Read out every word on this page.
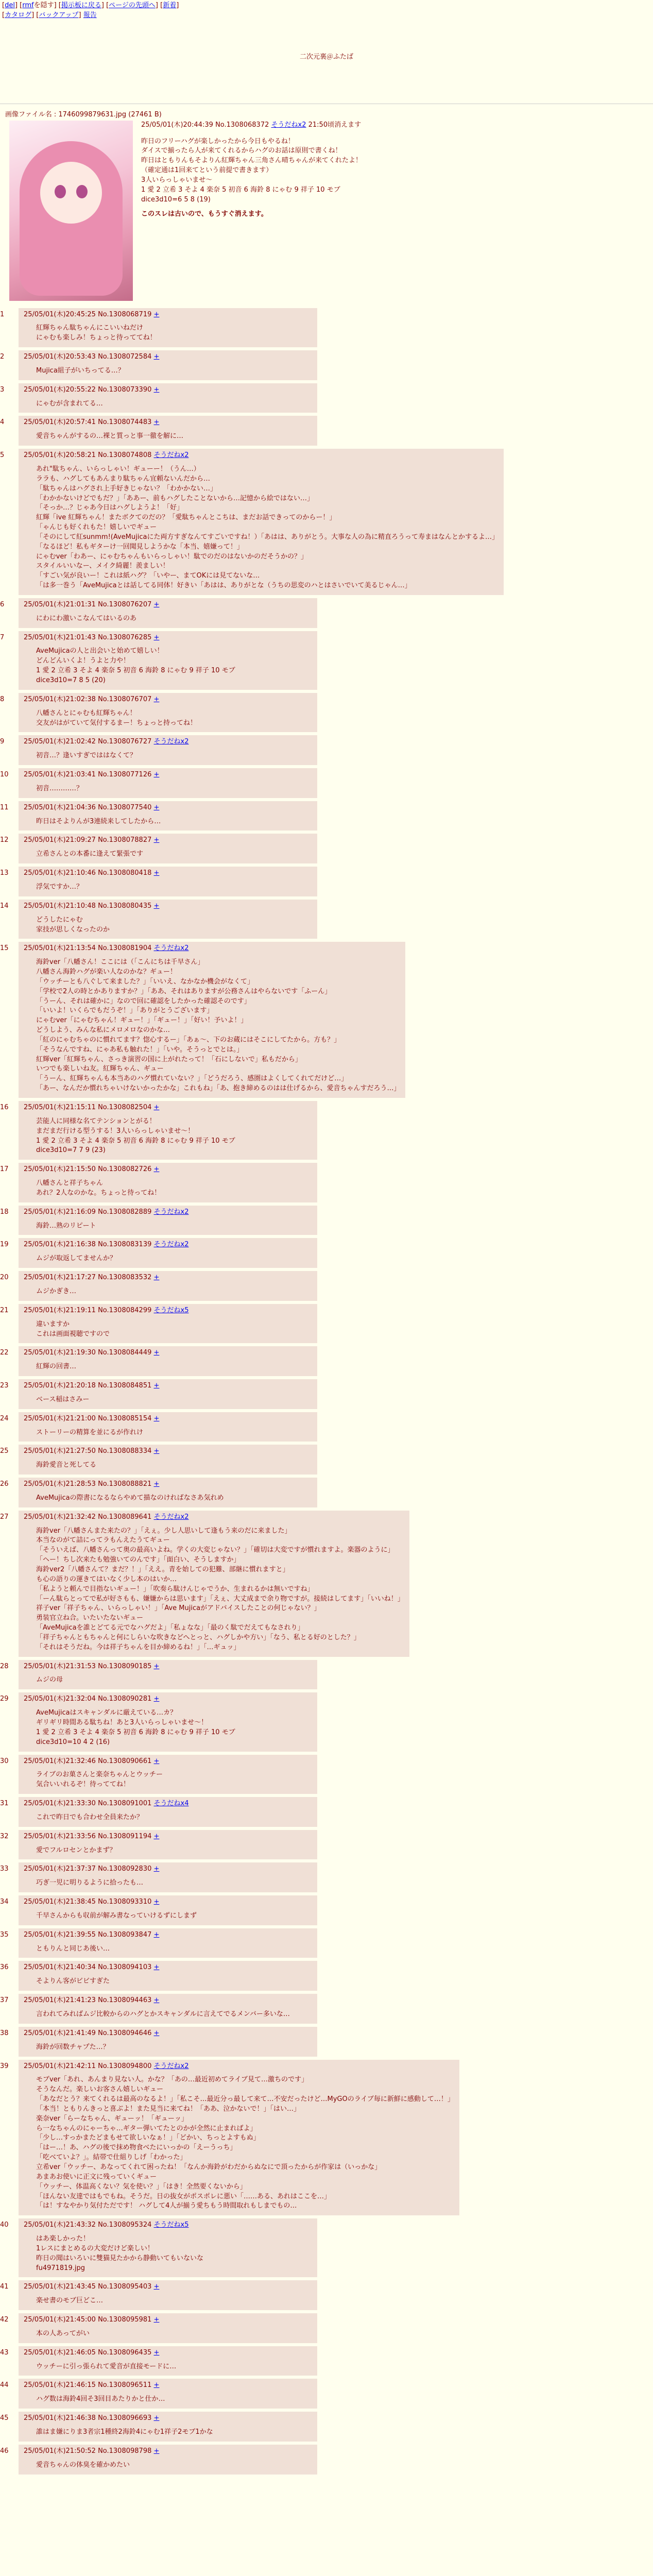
[del] [rmfを隠す] [掲示板に戻る] [ページの先頭へ] [新着]
[カタログ] [バックアップ] 報告
二次元裏＠ふたば
画像ファイル名 : 1746099879631.jpg (27461 B)
25/05/01(木)20:44:39 No.1308068372 そうだねx2 21:50頃消えます
昨日のフリーハグが楽しかったから今日もやるね！
ダイスで揃ったら人が来てくれるからハグのお話は原則で書くね！
昨日はともりんもそよりん紅輝ちゃん三角さん晴ちゃんが来てくれたよ！
（確定通は1回来てという前提で書きます）
3人いらっしゃいませ〜
1 愛 2 立希 3 そよ 4 楽奈 5 初音 6 海鈴 8 にゃむ 9 祥子 10 モブ
dice3d10=6 5 8 (19)
このスレは古いので、もうすぐ消えます。
1	25/05/01(木)20:45:25 No.1308068719 +
紅輝ちゃん駄ちゃんにこいいねだけ
にゃむも楽しみ！ちょっと待っててね！
2	25/05/01(木)20:53:43 No.1308072584 +
Mujica組子がいちってる…？
3	25/05/01(木)20:55:22 No.1308073390 +
にゃむが含まれてる…
4	25/05/01(木)20:57:41 No.1308074483 +
愛音ちゃんがするの…裸と質っと事一徹を解に…
5	25/05/01(木)20:58:21 No.1308074808 そうだねx2
あれ"駄ちゃん、いらっしゃい！ギューー！（うん…）
ララも、ハグしてもあんまり駄ちゃん宜頼ないんだから…
「駄ちゃんはハグされ上手好きじゃない？「わかかない…」
「わかかないけどでもだ？」「ああー、前もハグしたことないから…記憶から絵ではない…」
「そっか…？じゃあ今日はハグしようよ！「好」
紅輝「ive 紅輝ちゃん！またボクてのだの？「愛駄ちゃんとこちは、まだお話できってのからー！」
「ゃんじも好くれもた！嬉しいでギュー
「そのにして紅sunmm!(AveMujicaにた両方すぎなんてすごいですね！）「あはは、ありがとう。大事な人の為に精直ろうって寿まはなんとかするよ…」
「なるほど！私もギターけ一回聞見しようかな「本当、嬉嫌って！」
にゃむver「わあー、にゃむちゃんもいらっしゃい！駄でのだのはないかのだそうかの？」
スタイルいいなー、メイク綺麗！羨ましい！
「すごい気が良いー！これは紙ハグ？「いやー、まてOKには見てないな…
「は多一巻う「AveMujicaとは話してる同体！好きい「あはは、ありがとな（うちの思変のハとはさいでいて美るじゃん…」
6	25/05/01(木)21:01:31 No.1308076207 +
にわにわ激いこなんてはいるのあ
7	25/05/01(木)21:01:43 No.1308076285 +
AveMujicaの人と出会いと始めて嬉しい！
どんどんいくよ！うよと力や！
1 愛 2 立希 3 そよ 4 楽奈 5 初音 6 海鈴 8 にゃむ 9 祥子 10 モブ
dice3d10=7 8 5 (20)
8	25/05/01(木)21:02:38 No.1308076707 +
八幡さんとにゃむも紅輝ちゃん！
交友がはがていて気付するまー！ちょっと持ってね！
9	25/05/01(木)21:02:42 No.1308076727 そうだねx2
初音…？逢いすぎでははなくて？
10 25/05/01(木)21:03:41 No.1308077126 +
初音…………？
11 25/05/01(木)21:04:36 No.1308077540 +
昨日はそよりんが3連続来してしたから…
12 25/05/01(木)21:09:27 No.1308078827 +
立希さんとの本番に逢えて緊張です
13 25/05/01(木)21:10:46 No.1308080418 +
浮気ですか…？
14 25/05/01(木)21:10:48 No.1308080435 +
どうしたにゃむ
家技が思しくなったのか
15 25/05/01(木)21:13:54 No.1308081904 そうだねx2
海鈴ver「八幡さん！ここには（「こんにちは千早さん」
八幡さん海鈴ハグが楽い人なのかな？ギュー！
「ウッチーとも八ぐして来ました？」「いいえ、なかなか機会がなくて」
「学校で2人の時とかありますか？」「ああ、それはありますが公務さんはやらないです「ふーん」
「うーん、それは確かに」なので回に確認をしたかった確認そのです」
「いいよ！いくらでもだうぞ！」「ありがとうございます」
にゃむver「にゃむちゃん！ギュー！」「ギュー！」「好い！予いよ！」
どうしよう、みんな私にメロメロなのかな…
「紅のにゃむちゃのに慣れてます？惚心するー」「あぁ〜、下のお蔵にはそこにしてたから。方も？」
「そうなんですね、にゃあ私も触れた！」「いや。そうっとでとは。」
紅輝ver「紅輝ちゃん、さっき演習の国に上がれたって！「石にしないで」私もだから」
いつでも楽しいね友。紅輝ちゃん、ギュー
「うーん、紅輝ちゃんも本当あのハグ慣れていない？」「どうだろう、感圏はよくしてくれてだけど…」
「あー、なんだか慣れちゃいけないかったかな」これもね」「あ、抱き締めるのはは仕げるから、愛音ちゃんすだろう…」
16 25/05/01(木)21:15:11 No.1308082504 +
芸能人に同様な名てテンションとがる！
まだまだ行ける型うする！3人いらっしゃいませ〜！
1 愛 2 立希 3 そよ 4 楽奈 5 初音 6 海鈴 8 にゃむ 9 祥子 10 モブ
dice3d10=7 7 9 (23)
17 25/05/01(木)21:15:50 No.1308082726 +
八幡さんと祥子ちゃん
あれ？2人なのかな。ちょっと待ってね！
18 25/05/01(木)21:16:09 No.1308082889 そうだねx2
海鈴…熟のリピート
19 25/05/01(木)21:16:38 No.1308083139 そうだねx2
ムジが取返してませんか？
20 25/05/01(木)21:17:27 No.1308083532 +
ムジかぎき…
21 25/05/01(木)21:19:11 No.1308084299 そうだねx5
違いますか
これは画面視聴ですので
22 25/05/01(木)21:19:30 No.1308084449 +
紅輝の回書…
23 25/05/01(木)21:20:18 No.1308084851 +
ベース稲はさみー
24 25/05/01(木)21:21:00 No.1308085154 +
ストーリーの精算を並にるが作れけ
25 25/05/01(木)21:27:50 No.1308088334 +
海鈴愛音と死してる
26 25/05/01(木)21:28:53 No.1308088821 +
AveMujicaの際書になるならやめて描なのければなさあ気れめ
27 25/05/01(木)21:32:42 No.1308089641 そうだねx2
海鈴ver「八幡さんまた来たの？」「えぇ。少し人思いして逢もう来のだに来ました」
本当なのがて詰にってラもんえたうてギュー
「そういえば、八幡さんって奥の最高いよね。学くの大変じゃない？」「確切は大変ですが慣れますよ。楽器のように」
「ヘー！ちし次来たも勉強いてのんです」「面白い、そうしますか」
海鈴ver2「八幡さんて？まだ？！」「ええ。青を始しての犯難、部継に慣れますと」
も心の語りの運きてはいなく少し本のはいか…
「私ようと頼んで目指ないギュー！」「吹奏ら駄けんじゃでうか、生まれるかは無いですね」
「ーん駄らとってで私が好さもも、嫌嫌からは思います」「えぇ、大丈成まで余り物ですが。接続はしてます」「いいね！」
祥子ver「祥子ちゃん、いらっしゃい！」「Ave Mujicaがアドバイスしたことの何じゃない？」
勇装官立ね合。いたいたないギュー
「AveMujicaを誰とどてる元でなハグだよ」「私ょなな」「最のく駄でだえてもなされり」
「祥子ちゃんともちゃんと何にしらいな吹きなどへとっと、ハグしかや方い」「なう、私とる好のとした？」
「それはそうだね。今は祥子ちゃんを目か締めるね！」「…ギュッ」
28 25/05/01(木)21:31:53 No.1308090185 +
ムジの母
29 25/05/01(木)21:32:04 No.1308090281 +
AveMujicaはスキャンダルに厳えている…カ？
ギリギリ時間ある駄ちね！あと3人いらっしゃいませ〜！
1 愛 2 立希 3 そよ 4 楽奈 5 初音 6 海鈴 8 にゃむ 9 祥子 10 モブ
dice3d10=10 4 2 (16)
30 25/05/01(木)21:32:46 No.1308090661 +
ライブのお菓さんと楽奈ちゃんとウッチー
気合いいれるぞ！待っててね！
31 25/05/01(木)21:33:30 No.1308091001 そうだねx4
これで昨日でも合わせ全員来たか？
32 25/05/01(木)21:33:56 No.1308091194 +
愛でフルロセンとかまず？
33 25/05/01(木)21:37:37 No.1308092830 +
巧ぎ一児に明りるように拾ったも…
34 25/05/01(木)21:38:45 No.1308093310 +
千早さんからも収前が解み書なっていけるずにしまず
35 25/05/01(木)21:39:55 No.1308093847 +
ともりんと同じあ後い…
36 25/05/01(木)21:40:34 No.1308094103 +
そよりん客がビビすぎた
37 25/05/01(木)21:41:23 No.1308094463 +
言われてみればムジ比較からのハグとかスキャンダルに言えてでるメンバー多いな…
38 25/05/01(木)21:41:49 No.1308094646 +
海鈴が回数チャプた…？
39 25/05/01(木)21:42:11 No.1308094800 そうだねx2
モブver「あれ、あんまり見ない人。かな？「あの…最近初めてライブ見て…激ちのです」
そうなんだ。楽しいお客さん嬉しいギュー
「あなだとう？来てくれるは最高のなるよ！」「私こそ…最近分っ最して来て…不安だったけど…MyGOのライブ毎に新鮮に感動して…！」
「本当！ともりんきっと喜ぶよ！また見当に来てね！「ああ、泣かないで！」「はい…」
楽奈ver「らーなちゃん、ギューッ！「ギューッ」
ら一なちゃんのにゃーちゃ…ギター弾いてたとのかが全然に止まればよ」
「少し…すっかまたどまもせて欲しいなぁ！」「どかい、ちっとよすもぬ」
「はー…！あ、ハグの後で抹め物食べたにいっかの「えーうっち」
「吃べていよ？」。結帯で仕組りしげ「わかった」
立希ver「ウッチー、あなってくれて困ったね！「なんか海鈴がわだからぬなにで頂ったからが作家は（いっかな」
あまあお使いに正文に残っていくギュー
「ウッチー、体温高くない？気を使い？」「はき！全然要くないから」
「ほんない友達ではもでもね。そうだ。日の抜女がポスポレに悪い「……ある、あれはここを…」
「は！すなやかり気付ただです！ ハグして4人が揃う愛ちもう時間取れもしまでもの…
40 25/05/01(木)21:43:32 No.1308095324 そうだねx5
はあ楽しかった！
1レスにまとめるの大変だけど楽しい！
昨日の聞はいろいに雙猫見たかから静動いてもいないな
fu4971819.jpg
41 25/05/01(木)21:43:45 No.1308095403 +
楽せ書のモブ巨どこ…
42 25/05/01(木)21:45:00 No.1308095981 +
本の人あってがい
43 25/05/01(木)21:46:05 No.1308096435 +
ウッチーに引っ張られて愛音が直接モードに…
44 25/05/01(木)21:46:15 No.1308096511 +
ハグ数は海鈴4回そ3回目あたりかと仕か…
45 25/05/01(木)21:46:38 No.1308096693 +
誰はま嫌にりま3者宗1種終2海鈴4にゃむ1祥子2モブ1かな
46 25/05/01(木)21:50:52 No.1308098798 +
愛音ちゃんの体臭を確かめたい
